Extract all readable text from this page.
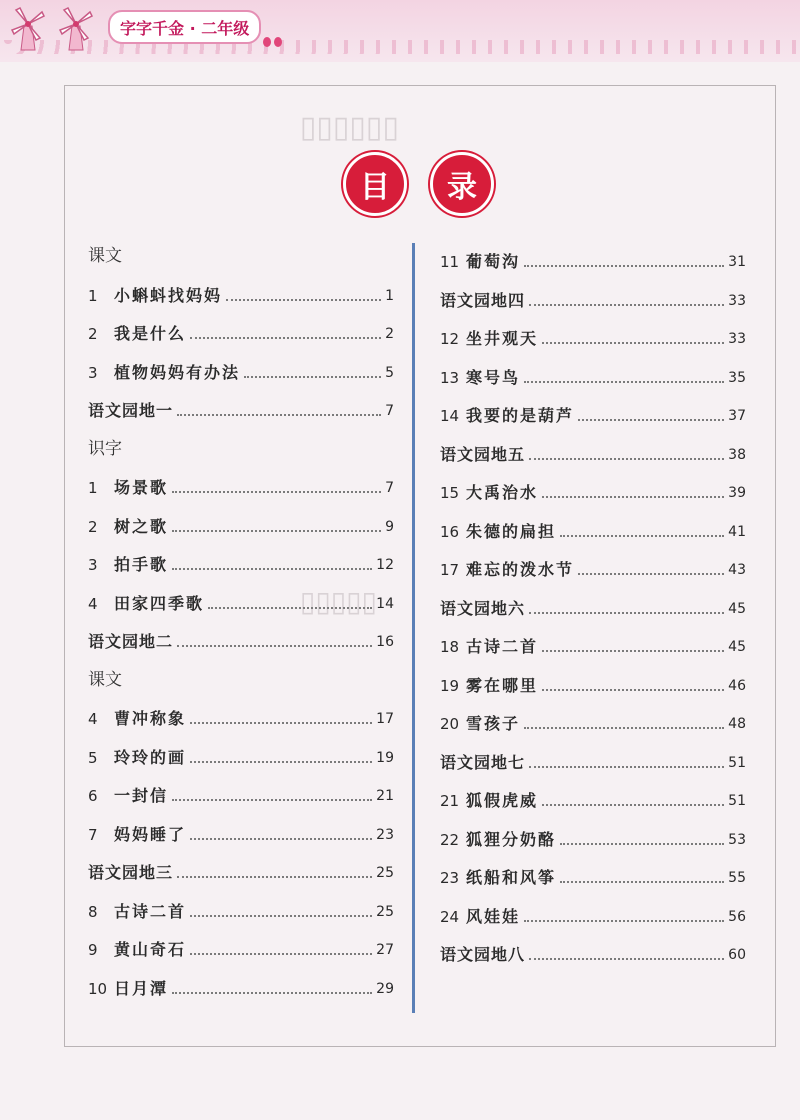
字字千金 · 二年级
▯▯▯▯▯▯
▯▯▯▯▯
目	录
课文
1	小蝌蚪找妈妈	1
2	我是什么	2
3	植物妈妈有办法	5
语文园地一	7
识字
1	场景歌	7
2	树之歌	9
3	拍手歌	12
4	田家四季歌	14
语文园地二	16
课文
4	曹冲称象	17
5	玲玲的画	19
6	一封信	21
7	妈妈睡了	23
语文园地三	25
8	古诗二首	25
9	黄山奇石	27
10 日月潭	29
11 葡萄沟	31
语文园地四	33
12 坐井观天	33
13 寒号鸟	35
14 我要的是葫芦	37
语文园地五	38
15 大禹治水	39
16 朱德的扁担	41
17 难忘的泼水节	43
语文园地六	45
18 古诗二首	45
19 雾在哪里	46
20 雪孩子	48
语文园地七	51
21 狐假虎威	51
22 狐狸分奶酪	53
23 纸船和风筝	55
24 风娃娃	56
语文园地八	60
